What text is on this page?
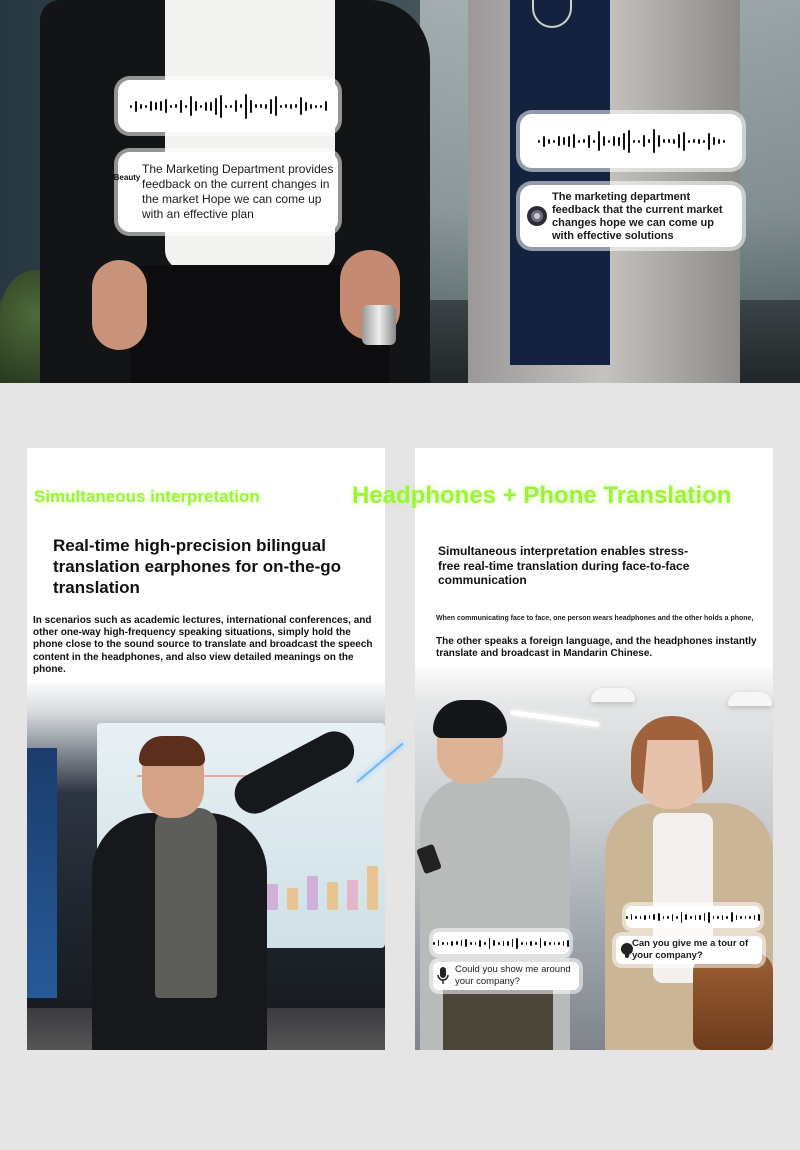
Beauty
The Marketing Department provides feedback on the current changes in the market Hope we can come up with an effective plan
The marketing department feedback that the current market changes hope we can come up with effective solutions
Simultaneous interpretation
Real-time high-precision bilingual translation earphones for on-the-go translation
In scenarios such as academic lectures, international conferences, and other one-way high-frequency speaking situations, simply hold the phone close to the sound source to translate and broadcast the speech content in the headphones, and also view detailed meanings on the phone.
Headphones + Phone Translation
Simultaneous interpretation enables stress-free real-time translation during face-to-face communication
When communicating face to face, one person wears headphones and the other holds a phone,
The other speaks a foreign language, and the headphones instantly translate and broadcast in Mandarin Chinese.
Can you give me a tour of your company?
Could you show me around your company?
